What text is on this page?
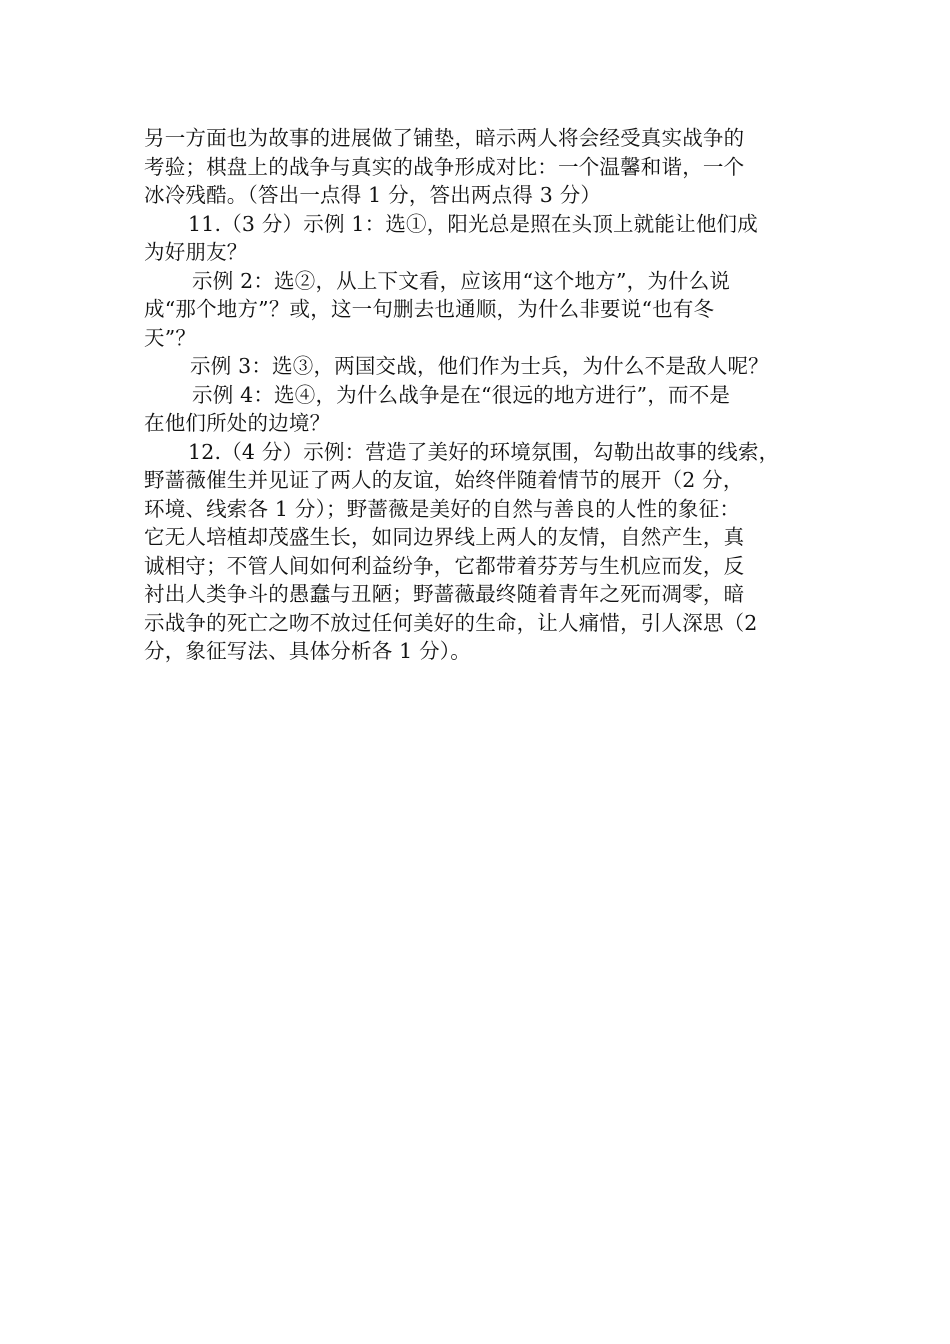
另一方面也为故事的进展做了铺垫，暗示两人将会经受真实战争的
考验；棋盘上的战争与真实的战争形成对比：一个温馨和谐，一个
冰冷残酷。（答出一点得 1 分，答出两点得 3 分）
11.（3 分）示例 1：选①，阳光总是照在头顶上就能让他们成
为好朋友？
示例 2：选②，从上下文看，应该用“这个地方”，为什么说
成“那个地方”？或，这一句删去也通顺，为什么非要说“也有冬
天”？
示例 3：选③，两国交战，他们作为士兵，为什么不是敌人呢？
示例 4：选④，为什么战争是在“很远的地方进行”，而不是
在他们所处的边境？
12.（4 分）示例：营造了美好的环境氛围，勾勒出故事的线索，
野蔷薇催生并见证了两人的友谊，始终伴随着情节的展开（2 分，
环境、线索各 1 分）；野蔷薇是美好的自然与善良的人性的象征：
它无人培植却茂盛生长，如同边界线上两人的友情，自然产生，真
诚相守；不管人间如何利益纷争，它都带着芬芳与生机应而发，反
衬出人类争斗的愚蠢与丑陋；野蔷薇最终随着青年之死而凋零，暗
示战争的死亡之吻不放过任何美好的生命，让人痛惜，引人深思（2
分，象征写法、具体分析各 1 分）。
